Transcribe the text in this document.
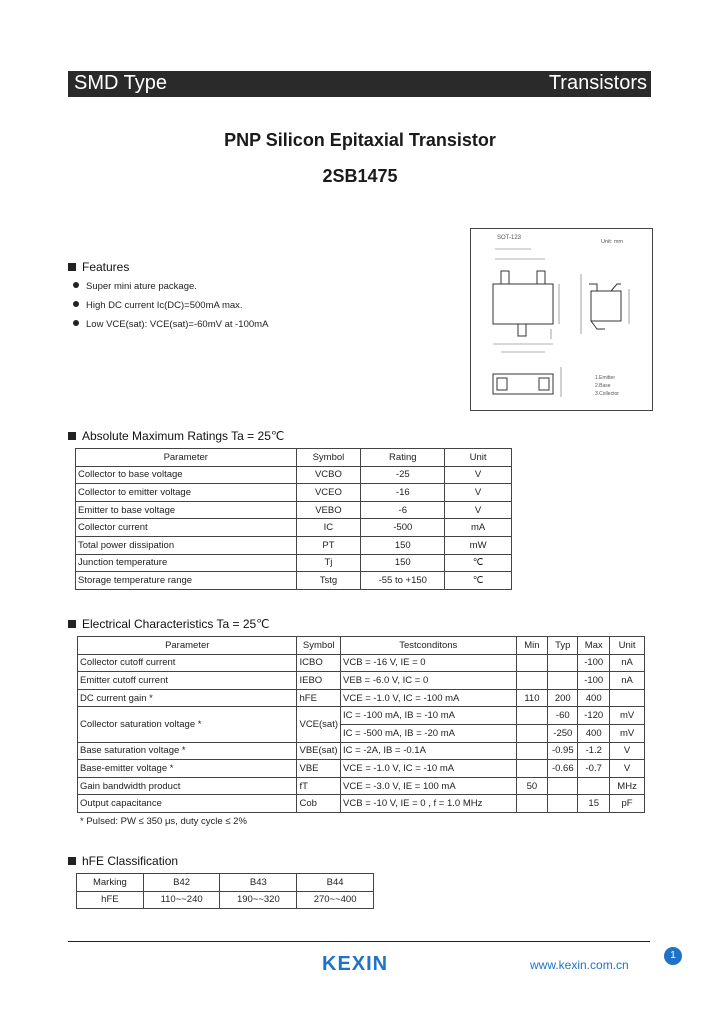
SMD Type	Transistors
PNP Silicon Epitaxial Transistor
2SB1475
SOT-123
Unit: mm
1.Emitter
2.Base
3.Collector
Features
Super mini ature package.
High DC current Ic(DC)=500mA max.
Low VCE(sat): VCE(sat)=-60mV at -100mA
Absolute Maximum Ratings Ta = 25℃
Parameter	Symbol	Rating	Unit
Collector to base voltage	VCBO	-25	V
Collector to emitter voltage	VCEO	-16	V
Emitter to base voltage	VEBO	-6	V
Collector current	IC	-500	mA
Total power dissipation	PT	150	mW
Junction temperature	Tj	150	℃
Storage temperature range	Tstg	-55 to +150	℃
Electrical Characteristics Ta = 25℃
Parameter	Symbol	Testconditons	Min	Typ	Max	Unit
Collector cutoff current	ICBO	VCB = -16 V, IE = 0			-100	nA
Emitter cutoff current	IEBO	VEB = -6.0 V, IC = 0			-100	nA
DC current gain *	hFE	VCE = -1.0 V, IC = -100 mA	110	200	400	
Collector saturation voltage *	VCE(sat)	IC = -100 mA, IB = -10 mA		-60	-120	mV
		IC = -500 mA, IB = -20 mA		-250	400	mV
Base saturation voltage *	VBE(sat)	IC = -2A, IB = -0.1A		-0.95	-1.2	V
Base-emitter voltage *	VBE	VCE = -1.0 V, IC = -10 mA		-0.66	-0.7	V
Gain bandwidth product	fT	VCE = -3.0 V, IE = 100 mA	50			MHz
Output capacitance	Cob	VCB = -10 V, IE = 0 , f = 1.0 MHz			15	pF
* Pulsed: PW ≤ 350 μs, duty cycle ≤ 2%
hFE Classification
Marking	B42	B43	B44
hFE	110~~240	190~~320	270~~400
KEXIN	www.kexin.com.cn
1
